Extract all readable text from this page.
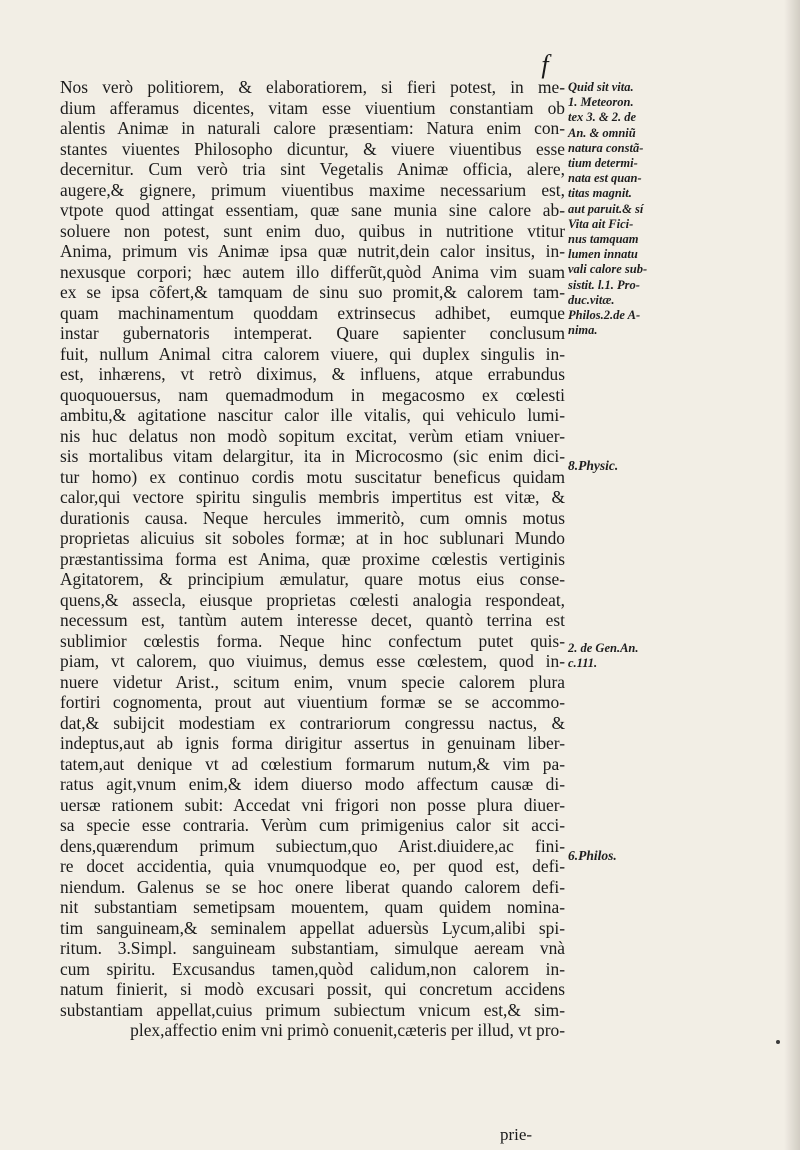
f
Nos verò politiorem, & elaboratiorem, si fieri potest, in me-
dium afferamus dicentes, vitam esse viuentium constantiam ob
alentis Animæ in naturali calore præsentiam: Natura enim con-
stantes viuentes Philosopho dicuntur, & viuere viuentibus esse
decernitur. Cum verò tria sint Vegetalis Animæ officia, alere,
augere,& gignere, primum viuentibus maxime necessarium est,
vtpote quod attingat essentiam, quæ sane munia sine calore ab-
soluere non potest, sunt enim duo, quibus in nutritione vtitur
Anima, primum vis Animæ ipsa quæ nutrit,dein calor insitus, in-
nexusque corpori; hæc autem illo differũt,quòd Anima vim suam
ex se ipsa cõfert,& tamquam de sinu suo promit,& calorem tam-
quam machinamentum quoddam extrinsecus adhibet, eumque
instar gubernatoris intemperat. Quare sapienter conclusum
fuit, nullum Animal citra calorem viuere, qui duplex singulis in-
est, inhærens, vt retrò diximus, & influens, atque errabundus
quoquouersus, nam quemadmodum in megacosmo ex cœlesti
ambitu,& agitatione nascitur calor ille vitalis, qui vehiculo lumi-
nis huc delatus non modò sopitum excitat, verùm etiam vniuer-
sis mortalibus vitam delargitur, ita in Microcosmo (sic enim dici-
tur homo) ex continuo cordis motu suscitatur beneficus quidam
calor,qui vectore spiritu singulis membris impertitus est vitæ, &
durationis causa. Neque hercules immeritò, cum omnis motus
proprietas alicuius sit soboles formæ; at in hoc sublunari Mundo
præstantissima forma est Anima, quæ proxime cœlestis vertiginis
Agitatorem, & principium æmulatur, quare motus eius conse-
quens,& assecla, eiusque proprietas cœlesti analogia respondeat,
necessum est, tantùm autem interesse decet, quantò terrina est
sublimior cœlestis forma. Neque hinc confectum putet quis-
piam, vt calorem, quo viuimus, demus esse cœlestem, quod in-
nuere videtur Arist., scitum enim, vnum specie calorem plura
fortiri cognomenta, prout aut viuentium formæ se se accommo-
dat,& subijcit modestiam ex contrariorum congressu nactus, &
indeptus,aut ab ignis forma dirigitur assertus in genuinam liber-
tatem,aut denique vt ad cœlestium formarum nutum,& vim pa-
ratus agit,vnum enim,& idem diuerso modo affectum causæ di-
uersæ rationem subit: Accedat vni frigori non posse plura diuer-
sa specie esse contraria. Verùm cum primigenius calor sit acci-
dens,quærendum primum subiectum,quo Arist.diuidere,ac fini-
re docet accidentia, quia vnumquodque eo, per quod est, defi-
niendum. Galenus se se hoc onere liberat quando calorem defi-
nit substantiam semetipsam mouentem, quam quidem nomina-
tim sanguineam,& seminalem appellat aduersùs Lycum,alibi spi-
ritum. 3.Simpl. sanguineam substantiam, simulque aeream vnà
cum spiritu. Excusandus tamen,quòd calidum,non calorem in-
natum finierit, si modò excusari possit, qui concretum accidens
substantiam appellat,cuius primum subiectum vnicum est,& sim-
plex,affectio enim vni primò conuenit,cæteris per illud, vt pro-
prie-
Quid sit vita.
1. Meteoron.
tex 3. & 2. de
An. & omniũ
natura constã-
tium determi-
nata est quan-
titas magnit.
aut paruit.& sí
Vita ait Fici-
nus tamquam
lumen innatu
vali calore sub-
sistit. l.1. Pro-
duc.vitæ.
Philos.2.de A-
nima.
8.Physic.
2. de Gen.An.
c.111.
6.Philos.
